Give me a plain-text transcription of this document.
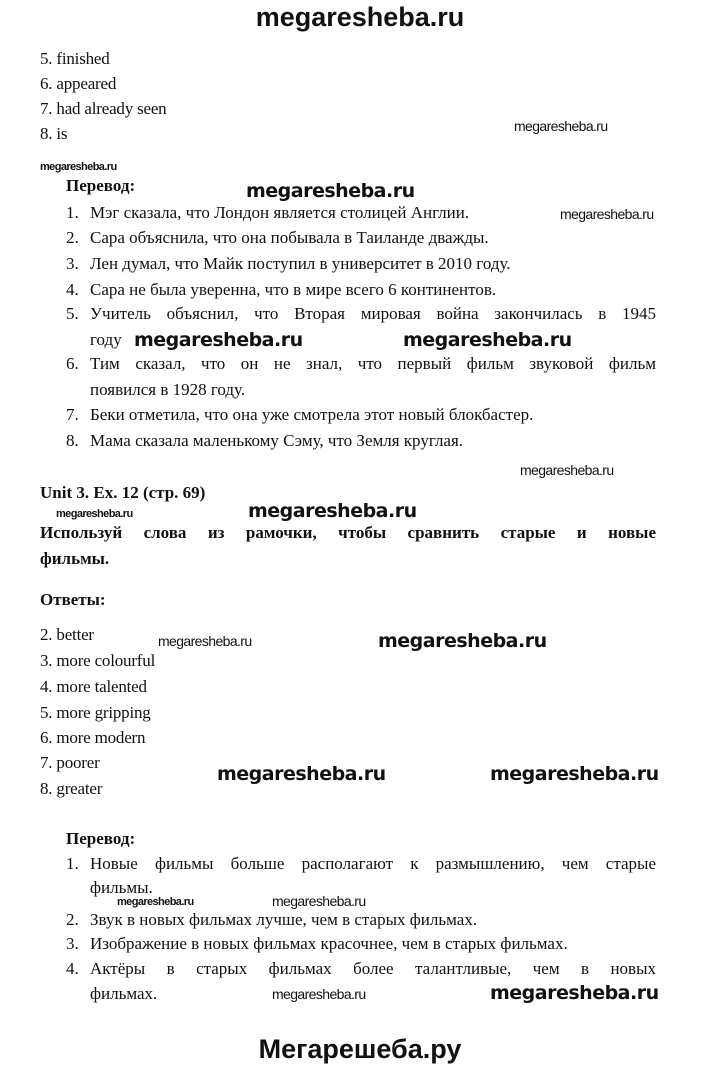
megaresheba.ru
5. finished
6. appeared
7. had already seen
8. is	megaresheba.ru
megaresheba.ru
Перевод:	megaresheba.ru
1. Мэг сказала, что Лондон является столицей Англии.	megaresheba.ru
2. Сара объяснила, что она побывала в Таиланде дважды.
3. Лен думал, что Майк поступил в университет в 2010 году.
4. Сара не была уверенна, что в мире всего 6 континентов.
5. Учитель объяснил, что Вторая мировая война закончилась в 1945
году megaresheba.ru	megaresheba.ru
6. Тим сказал, что он не знал, что первый фильм звуковой фильм
появился в 1928 году.
7. Беки отметила, что она уже смотрела этот новый блокбастер.
8. Мама сказала маленькому Сэму, что Земля круглая.
megaresheba.ru
Unit 3. Ex. 12 (стр. 69)
megaresheba.ru
megaresheba.ru
Используй слова из рамочки, чтобы сравнить старые и новые
фильмы.
Ответы:
2. better	megaresheba.ru	megaresheba.ru
3. more colourful
4. more talented
5. more gripping
6. more modern
7. poorer
megaresheba.ru	megaresheba.ru
8. greater
Перевод:
1. Новые фильмы больше располагают к размышлению, чем старые
фильмы.
megaresheba.ru	megaresheba.ru
2. Звук в новых фильмах лучше, чем в старых фильмах.
3. Изображение в новых фильмах красочнее, чем в старых фильмах.
4. Актёры в старых фильмах более талантливые, чем в новых
фильмах.	megaresheba.ru	megaresheba.ru
Мегарешеба.ру
